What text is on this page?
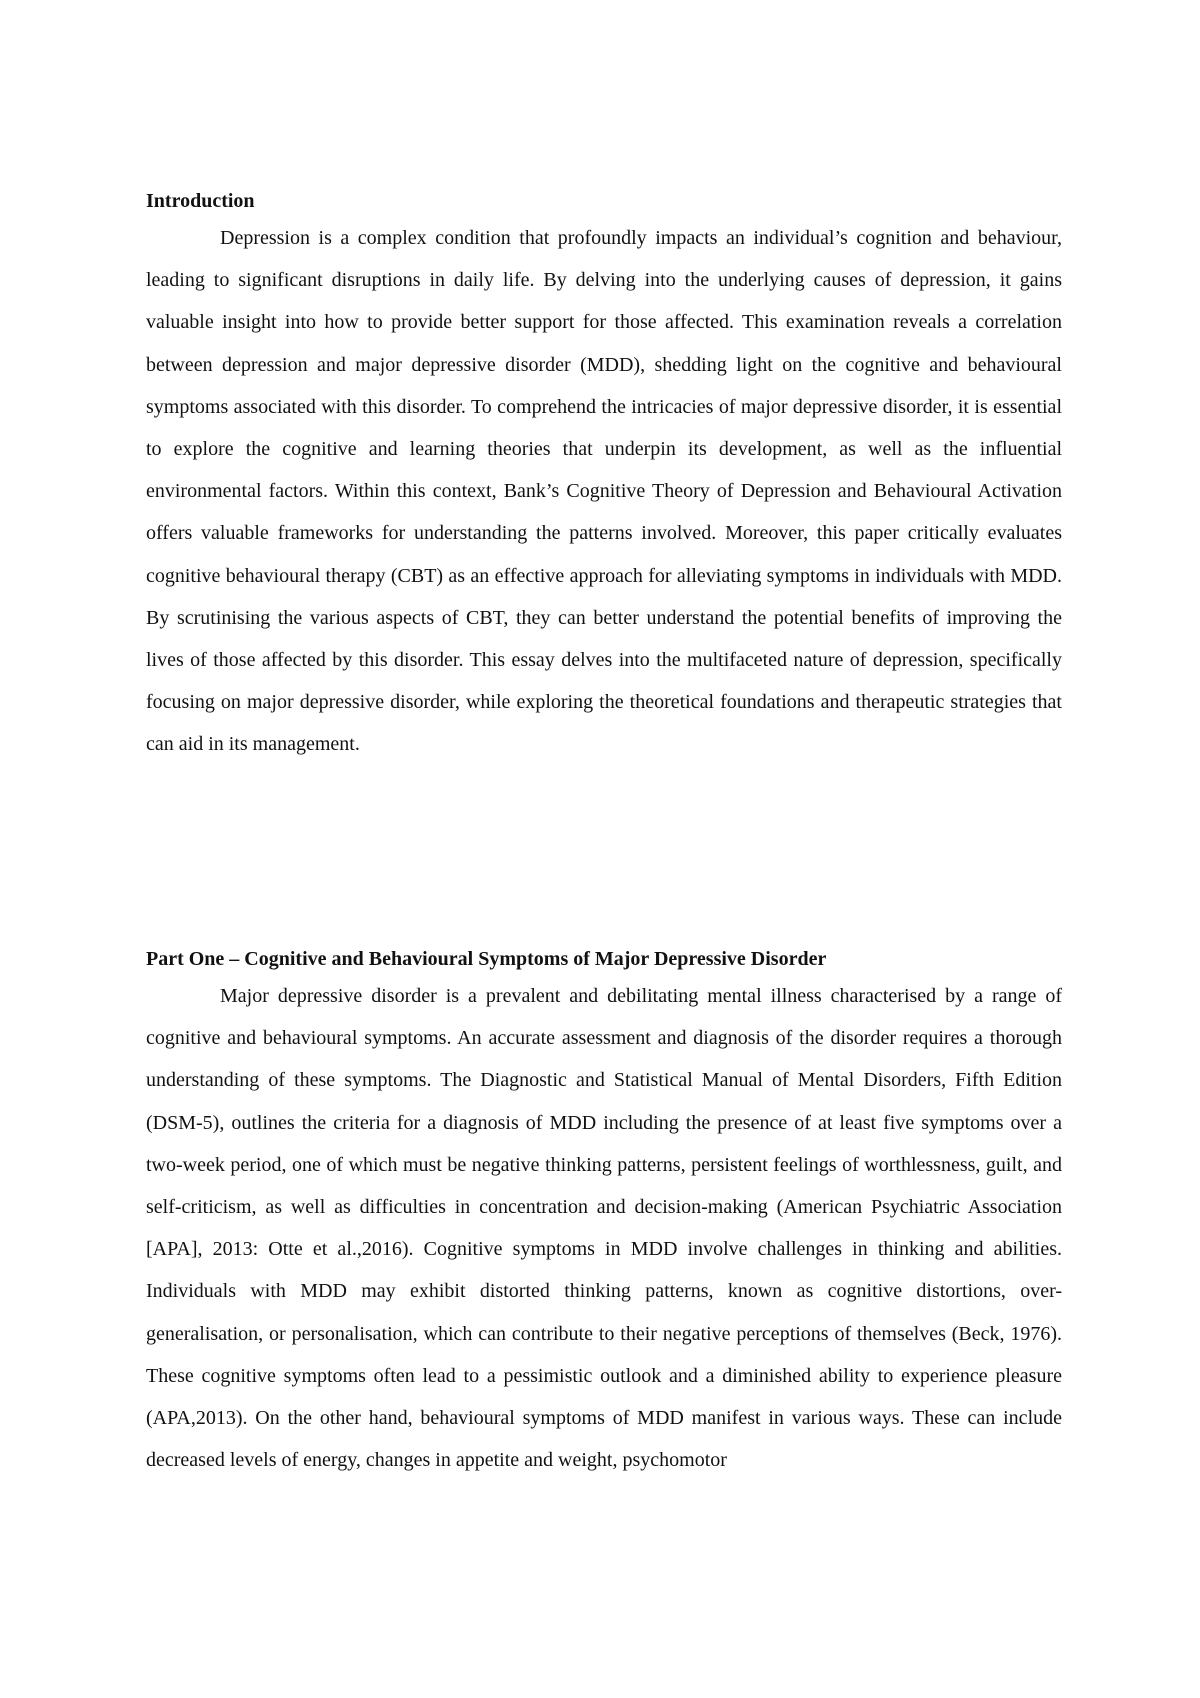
Introduction

Depression is a complex condition that profoundly impacts an individual’s cognition and behaviour, leading to significant disruptions in daily life. By delving into the underlying causes of depression, it gains valuable insight into how to provide better support for those affected. This examination reveals a correlation between depression and major depressive disorder (MDD), shedding light on the cognitive and behavioural symptoms associated with this disorder. To comprehend the intricacies of major depressive disorder, it is essential to explore the cognitive and learning theories that underpin its development, as well as the influential environmental factors. Within this context, Bank’s Cognitive Theory of Depression and Behavioural Activation offers valuable frameworks for understanding the patterns involved. Moreover, this paper critically evaluates cognitive behavioural therapy (CBT) as an effective approach for alleviating symptoms in individuals with MDD. By scrutinising the various aspects of CBT, they can better understand the potential benefits of improving the lives of those affected by this disorder. This essay delves into the multifaceted nature of depression, specifically focusing on major depressive disorder, while exploring the theoretical foundations and therapeutic strategies that can aid in its management.

Part One – Cognitive and Behavioural Symptoms of Major Depressive Disorder

Major depressive disorder is a prevalent and debilitating mental illness characterised by a range of cognitive and behavioural symptoms. An accurate assessment and diagnosis of the disorder requires a thorough understanding of these symptoms. The Diagnostic and Statistical Manual of Mental Disorders, Fifth Edition (DSM-5), outlines the criteria for a diagnosis of MDD including the presence of at least five symptoms over a two-week period, one of which must be negative thinking patterns, persistent feelings of worthlessness, guilt, and self-criticism, as well as difficulties in concentration and decision-making (American Psychiatric Association [APA], 2013: Otte et al.,2016). Cognitive symptoms in MDD involve challenges in thinking and abilities. Individuals with MDD may exhibit distorted thinking patterns, known as cognitive distortions, over-generalisation, or personalisation, which can contribute to their negative perceptions of themselves (Beck, 1976). These cognitive symptoms often lead to a pessimistic outlook and a diminished ability to experience pleasure (APA,2013). On the other hand, behavioural symptoms of MDD manifest in various ways. These can include decreased levels of energy, changes in appetite and weight, psychomotor
